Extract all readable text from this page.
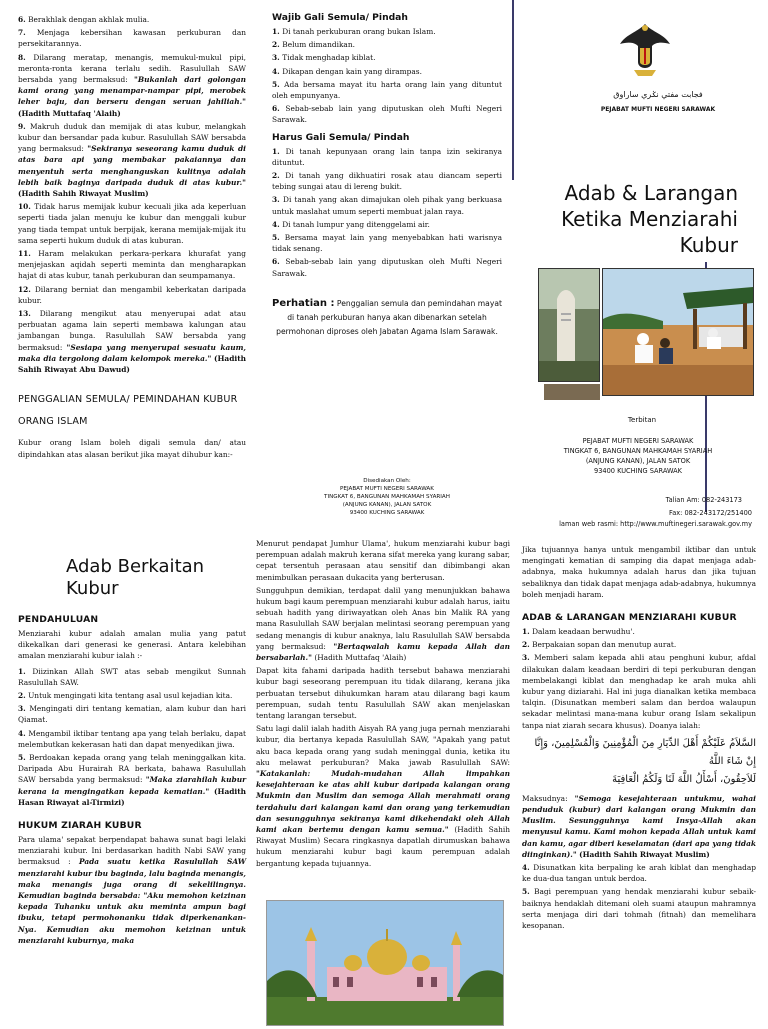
6. Berakhlak dengan akhlak mulia.

7. Menjaga kebersihan kawasan perkuburan dan persekitarannya.

8. Dilarang meratap, menangis, memukul-mukul pipi, meronta-ronta kerana terlalu sedih. Rasulullah SAW bersabda yang bermaksud: "Bukanlah dari golongan kami orang yang menampar-nampar pipi, merobek leher baju, dan berseru dengan seruan jahiliah." (Hadith Muttafaq 'Alaih)

9. Makruh duduk dan memijak di atas kubur, melangkah kubur dan bersandar pada kubur. Rasulullah SAW bersabda yang bermaksud: "Sekiranya seseorang kamu duduk di atas bara api yang membakar pakaiannya dan menyentuh serta menghanguskan kulitnya adalah lebih baik baginya daripada duduk di atas kubur." (Hadith Sahih Riwayat Muslim)

10. Tidak harus memijak kubur kecuali jika ada keperluan seperti tiada jalan menuju ke kubur dan menggali kubur yang tiada tempat untuk berpijak, kerana memijak-mijak itu sama seperti hukum duduk di atas kuburan.

11. Haram melakukan perkara-perkara khurafat yang menjejaskan aqidah seperti meminta dan mengharapkan hajat di atas kubur, tanah perkuburan dan seumpamanya.

12. Dilarang berniat dan mengambil keberkatan daripada kubur.

13. Dilarang mengikut atau menyerupai adat atau perbuatan agama lain seperti membawa kalungan atau jambangan bunga. Rasulullah SAW bersabda yang bermaksud: "Sesiapa yang menyerupai sesuatu kaum, maka dia tergolong dalam kelompok mereka." (Hadith Sahih Riwayat Abu Dawud)

PENGGALIAN SEMULA/ PEMINDAHAN KUBUR ORANG ISLAM

Kubur orang Islam boleh digali semula dan/ atau dipindahkan atas alasan berikut jika mayat dihubur kan:-

Wajib Gali Semula/ Pindah

1. Di tanah perkuburan orang bukan Islam.

2. Belum dimandikan.

3. Tidak menghadap kiblat.

4. Dikapan dengan kain yang dirampas.

5. Ada bersama mayat itu harta orang lain yang dituntut oleh empunyanya.

6. Sebab-sebab lain yang diputuskan oleh Mufti Negeri Sarawak.

Harus Gali Semula/ Pindah

1. Di tanah kepunyaan orang lain tanpa izin sekiranya dituntut.

2. Di tanah yang dikhuatiri rosak atau diancam seperti tebing sungai atau di lereng bukit.

3. Di tanah yang akan dimajukan oleh pihak yang berkuasa untuk maslahat umum seperti membuat jalan raya.

4. Di tanah lumpur yang ditenggelami air.

5. Bersama mayat lain yang menyebabkan hati warisnya tidak senang.

6. Sebab-sebab lain yang diputuskan oleh Mufti Negeri Sarawak.

Perhatian : Penggalian semula dan pemindahan mayat di tanah perkuburan hanya akan dibenarkan setelah permohonan diproses oleh Jabatan Agama Islam Sarawak.
Disediakan Oleh:
PEJABAT MUFTI NEGERI SARAWAK
TINGKAT 6, BANGUNAN MAHKAMAH SYARIAH
(ANJUNG KANAN), JALAN SATOK
93400 KUCHING SARAWAK
فجابت مفتي نݢري ساراوق
PEJABAT MUFTI NEGERI SARAWAK
Adab & Larangan Ketika Menziarahi Kubur
Terbitan
PEJABAT MUFTI NEGERI SARAWAK
TINGKAT 6, BANGUNAN MAHKAMAH SYARIAH
(ANJUNG KANAN), JALAN SATOK
93400 KUCHING SARAWAK
Talian Am: 082-243173
Fax: 082-243172/251400
laman web rasmi: http://www.muftinegeri.sarawak.gov.my
Adab Berkaitan Kubur
PENDAHULUAN

Menziarahi kubur adalah amalan mulia yang patut dikekalkan dari generasi ke generasi. Antara kelebihan amalan menziarahi kubur ialah :-

1. Diizinkan Allah SWT atas sebab mengikut Sunnah Rasulullah SAW.

2. Untuk mengingati kita tentang asal usul kejadian kita.

3. Mengingati diri tentang kematian, alam kubur dan hari Qiamat.

4. Mengambil iktibar tentang apa yang telah berlaku, dapat melembutkan kekerasan hati dan dapat menyedikan jiwa.

5. Berdoakan kepada orang yang telah meninggalkan kita. Daripada Abu Hurairah RA berkata, bahawa Rasulullah SAW bersabda yang bermaksud: "Maka ziarahilah kubur kerana ia mengingatkan kepada kematian." (Hadith Hasan Riwayat al-Tirmizi)

HUKUM ZIARAH KUBUR

Para ulama' sepakat berpendapat bahawa sunat bagi lelaki menziarahi kubur. Ini berdasarkan hadith Nabi SAW yang bermaksud : Pada suatu ketika Rasulullah SAW menziarahi kubur ibu baginda, lalu baginda menangis, maka menangis juga orang di sekelilingnya. Kemudian baginda bersabda: "Aku memohon keizinan kepada Tuhanku untuk aku meminta ampun bagi ibuku, tetapi permohonanku tidak diperkenankan-Nya. Kemudian aku memohon keizinan untuk menziarahi kuburnya, maka

Menurut pendapat Jumhur Ulama', hukum menziarahi kubur bagi perempuan adalah makruh kerana sifat mereka yang kurang sabar, cepat tersentuh perasaan atau sensitif dan dibimbangi akan menimbulkan perasaan dukacita yang berterusan.

Sungguhpun demikian, terdapat dalil yang menunjukkan bahawa hukum bagi kaum perempuan menziarahi kubur adalah harus, iaitu sebuah hadith yang diriwayatkan oleh Anas bin Malik RA yang mana Rasulullah SAW berjalan melintasi seorang perempuan yang sedang menangis di kubur anaknya, lalu Rasulullah SAW bersabda yang bermaksud: "Bertaqwalah kamu kepada Allah dan bersabarlah." (Hadith Muttafaq 'Alaih)

Dapat kita fahami daripada hadith tersebut bahawa menziarahi kubur bagi seseorang perempuan itu tidak dilarang, kerana jika perbuatan tersebut dihukumkan haram atau dilarang bagi kaum perempuan, sudah tentu Rasulullah SAW akan menjelaskan tentang larangan tersebut.

Satu lagi dalil ialah hadith Aisyah RA yang juga pernah menziarahi kubur, dia bertanya kepada Rasulullah SAW, "Apakah yang patut aku baca kepada orang yang sudah meninggal dunia, ketika itu aku melawat perkuburan? Maka jawab Rasulullah SAW: "Katakanlah: Mudah-mudahan Allah limpahkan kesejahteraan ke atas ahli kubur daripada kalangan orang Mukmin dan Muslim dan semoga Allah merahmati orang terdahulu dari kalangan kami dan orang yang terkemudian dan sesungguhnya sekiranya kami dikehendaki oleh Allah kami akan bertemu dengan kamu semua." (Hadith Sahih Riwayat Muslim) Secara ringkasnya dapatlah dirumuskan bahawa hukum menziarahi kubur bagi kaum perempuan adalah bergantung kepada tujuannya.

Jika tujuannya hanya untuk mengambil iktibar dan untuk mengingati kematian di samping dia dapat menjaga adab-adabnya, maka hukumnya adalah harus dan jika tujuan sebaliknya dan tidak dapat menjaga adab-adabnya, hukumnya boleh menjadi haram.

ADAB & LARANGAN MENZIARAHI KUBUR

1. Dalam keadaan berwudhu'.

2. Berpakaian sopan dan menutup aurat.

3. Memberi salam kepada ahli atau penghuni kubur, afdal dilakukan dalam keadaan berdiri di tepi perkuburan dengan membelakangi kiblat dan menghadap ke arah muka ahli kubur yang diziarahi. Hal ini juga dianalkan ketika membaca talqin. (Disunatkan memberi salam dan berdoa walaupun sekadar melintasi mana-mana kubur orang Islam sekalipun tanpa niat ziarah secara khusus). Doanya ialah:

السَّلاَمُ عَلَيْكُمْ أَهْلَ الدِّيَارِ مِنَ الْمُؤْمِنِينَ وَالْمُسْلِمِينَ، وَإِنَّا إِنْ شَاءَ اللَّهُ
لَلاَحِقُونَ، أَسْأَلُ اللَّهَ لَنَا وَلَكُمُ الْعَافِيَةَ

Maksudnya: "Semoga kesejahteraan untukmu, wahai penduduk (kubur) dari kalangan orang Mukmin dan Muslim. Sesungguhnya kami Insya-Allah akan menyusul kamu. Kami mohon kepada Allah untuk kami dan kamu, agar diberi keselamatan (dari apa yang tidak diinginkan)." (Hadith Sahih Riwayat Muslim)

4. Disunatkan kita berpaling ke arah kiblat dan menghadap ke dua-dua tangan untuk berdoa.

5. Bagi perempuan yang hendak menziarahi kubur sebaik-baiknya hendaklah ditemani oleh suami ataupun mahramnya serta menjaga diri dari tohmah (fitnah) dan memelihara kesopanan.
